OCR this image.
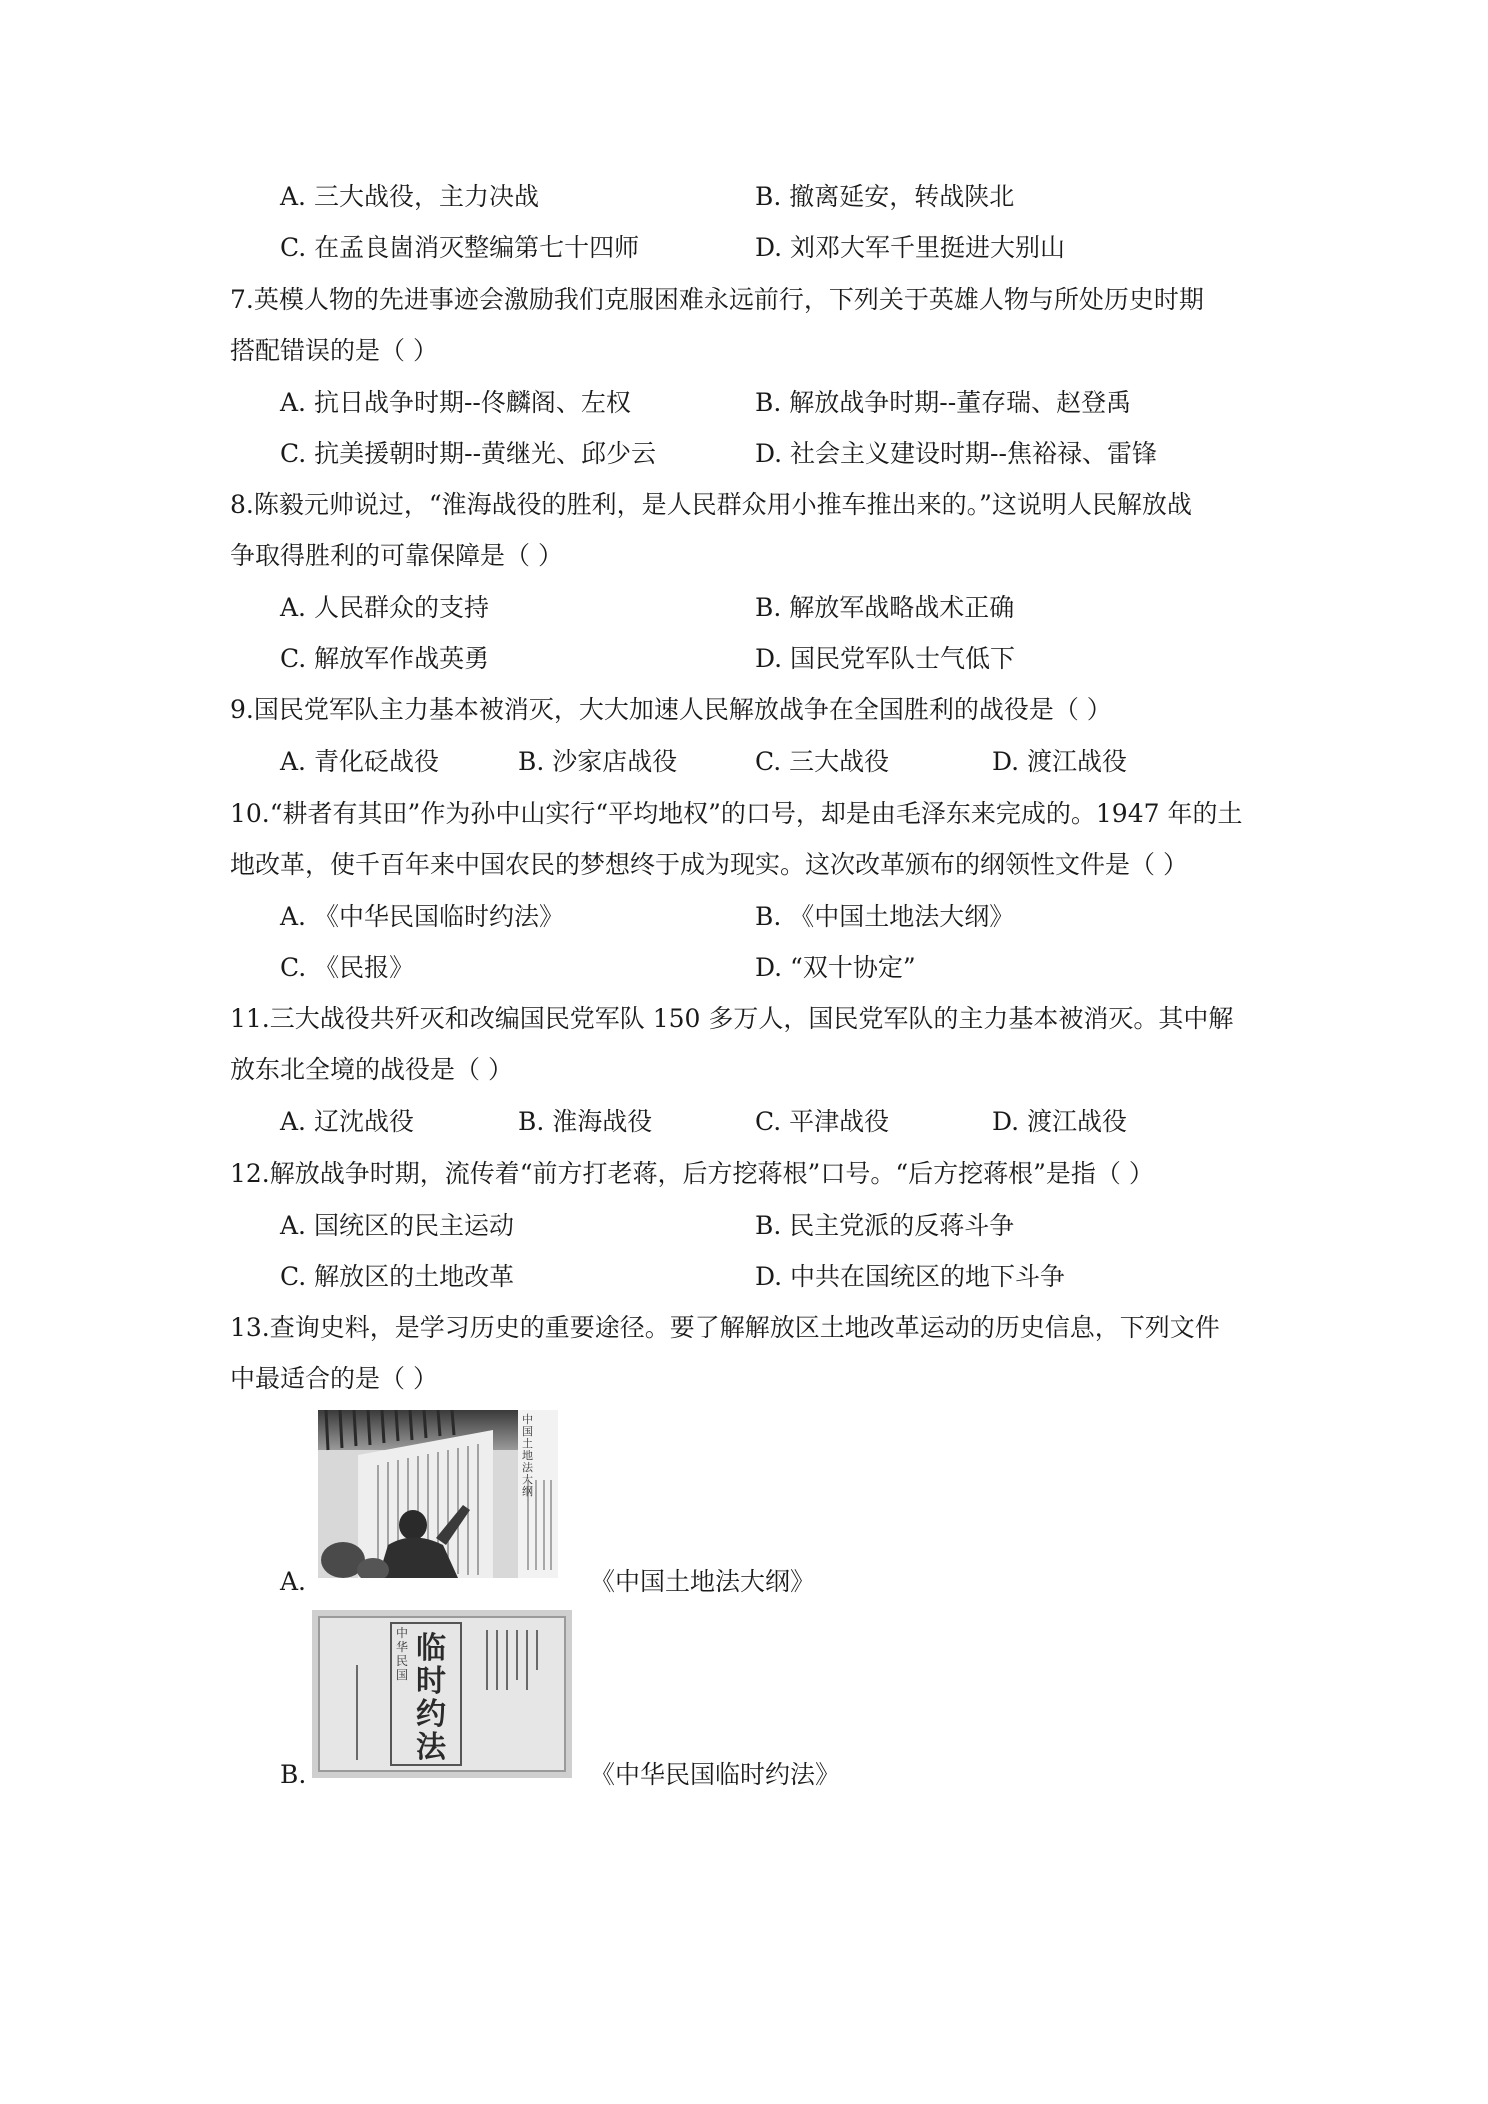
A. 三大战役，主力决战	B. 撤离延安，转战陕北
C. 在孟良崮消灭整编第七十四师	D. 刘邓大军千里挺进大别山
7.英模人物的先进事迹会激励我们克服困难永远前行，下列关于英雄人物与所处历史时期
搭配错误的是（ ）
A. 抗日战争时期--佟麟阁、左权	B. 解放战争时期--董存瑞、赵登禹
C. 抗美援朝时期--黄继光、邱少云	D. 社会主义建设时期--焦裕禄、雷锋
8.陈毅元帅说过，“淮海战役的胜利，是人民群众用小推车推出来的。”这说明人民解放战
争取得胜利的可靠保障是（ ）
A. 人民群众的支持	B. 解放军战略战术正确
C. 解放军作战英勇	D. 国民党军队士气低下
9.国民党军队主力基本被消灭，大大加速人民解放战争在全国胜利的战役是（ ）
A. 青化砭战役	B. 沙家店战役	C. 三大战役	D. 渡江战役
10.“耕者有其田”作为孙中山实行“平均地权”的口号，却是由毛泽东来完成的。1947 年的土
地改革，使千百年来中国农民的梦想终于成为现实。这次改革颁布的纲领性文件是（ ）
A. 《中华民国临时约法》	B. 《中国土地法大纲》
C. 《民报》	D. “双十协定”
11.三大战役共歼灭和改编国民党军队 150 多万人，国民党军队的主力基本被消灭。其中解
放东北全境的战役是（ ）
A. 辽沈战役	B. 淮海战役	C. 平津战役	D. 渡江战役
12.解放战争时期，流传着“前方打老蒋，后方挖蒋根”口号。“后方挖蒋根”是指（ ）
A. 国统区的民主运动	B. 民主党派的反蒋斗争
C. 解放区的土地改革	D. 中共在国统区的地下斗争
13.查询史料，是学习历史的重要途径。要了解解放区土地改革运动的历史信息，下列文件
中最适合的是（ ）
中国土地法大纲
A.	《中国土地法大纲》
中华民国
临时约法
B.	《中华民国临时约法》
